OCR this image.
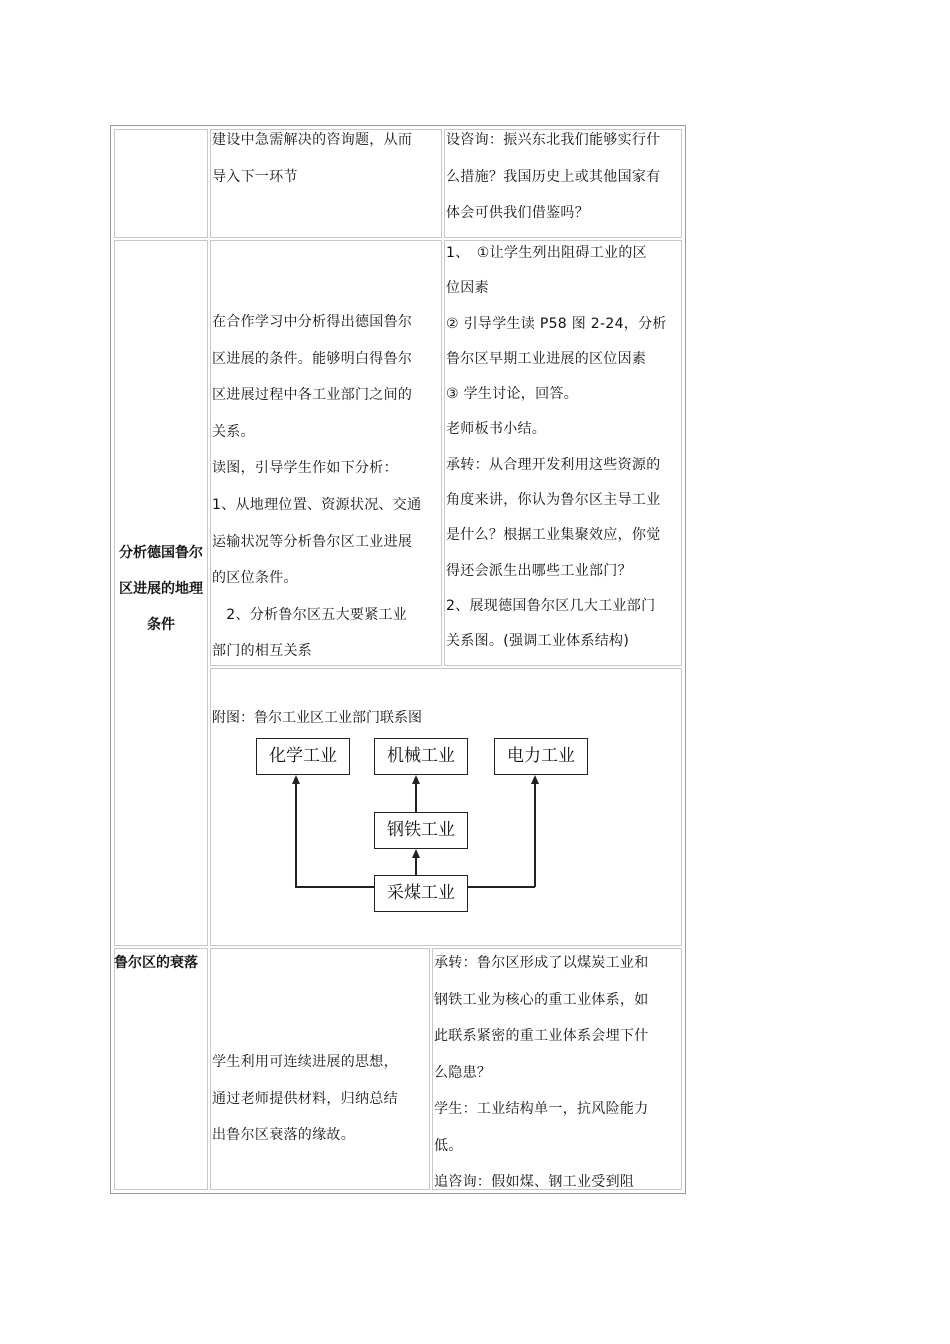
建设中急需解决的咨询题，从而

导入下一环节

设咨询：振兴东北我们能够实行什

么措施？我国历史上或其他国家有

体会可供我们借鉴吗？

分析德国鲁尔
区进展的地理
条件

在合作学习中分析得出德国鲁尔

区进展的条件。能够明白得鲁尔

区进展过程中各工业部门之间的

关系。

读图，引导学生作如下分析：

1、从地理位置、资源状况、交通

运输状况等分析鲁尔区工业进展

的区位条件。

　2、分析鲁尔区五大要紧工业

部门的相互关系

1、　①让学生列出阻碍工业的区

位因素

② 引导学生读 P58 图 2-24，分析

鲁尔区早期工业进展的区位因素

③ 学生讨论，回答。

老师板书小结。

承转：从合理开发利用这些资源的

角度来讲，你认为鲁尔区主导工业

是什么？根据工业集聚效应，你觉

得还会派生出哪些工业部门？

2、展现德国鲁尔区几大工业部门

关系图。(强调工业体系结构)

附图：鲁尔工业区工业部门联系图
化学工业	机械工业	电力工业
钢铁工业
采煤工业
鲁尔区的衰落

学生利用可连续进展的思想，

通过老师提供材料，归纳总结

出鲁尔区衰落的缘故。

承转：鲁尔区形成了以煤炭工业和

钢铁工业为核心的重工业体系，如

此联系紧密的重工业体系会埋下什

么隐患？

学生：工业结构单一，抗风险能力

低。

追咨询：假如煤、钢工业受到阻
